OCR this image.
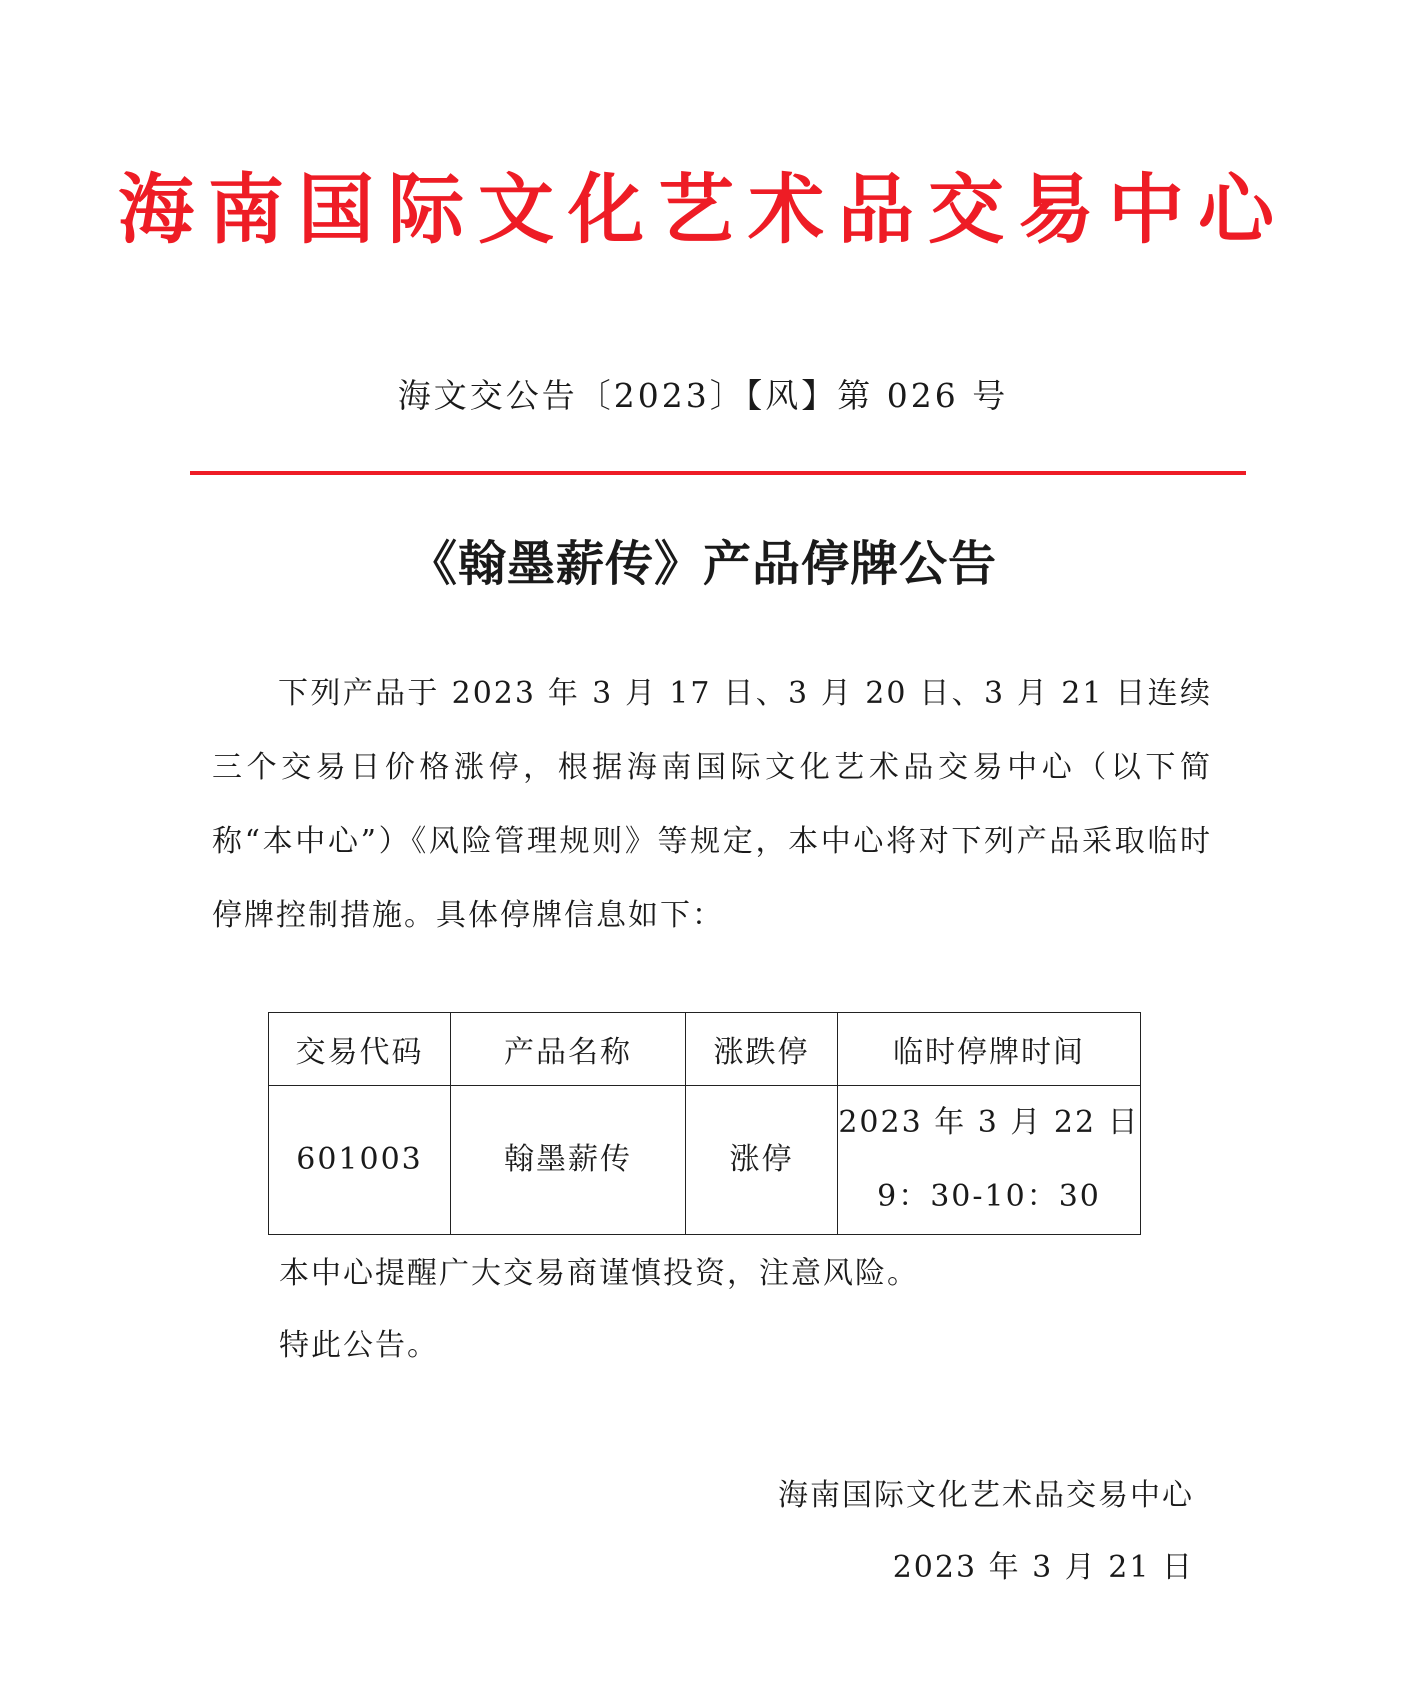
海南国际文化艺术品交易中心
海文交公告〔2023〕【风】第 026 号
《翰墨薪传》产品停牌公告
下列产品于 2023 年 3 月 17 日、3 月 20 日、3 月 21 日连续三个交易日价格涨停，根据海南国际文化艺术品交易中心（以下简称“本中心”）《风险管理规则》等规定，本中心将对下列产品采取临时停牌控制措施。具体停牌信息如下：
交易代码	产品名称	涨跌停	临时停牌时间
601003	翰墨薪传	涨停	2023 年 3 月 22 日
9：30-10：30
本中心提醒广大交易商谨慎投资，注意风险。
特此公告。
海南国际文化艺术品交易中心
2023 年 3 月 21 日
